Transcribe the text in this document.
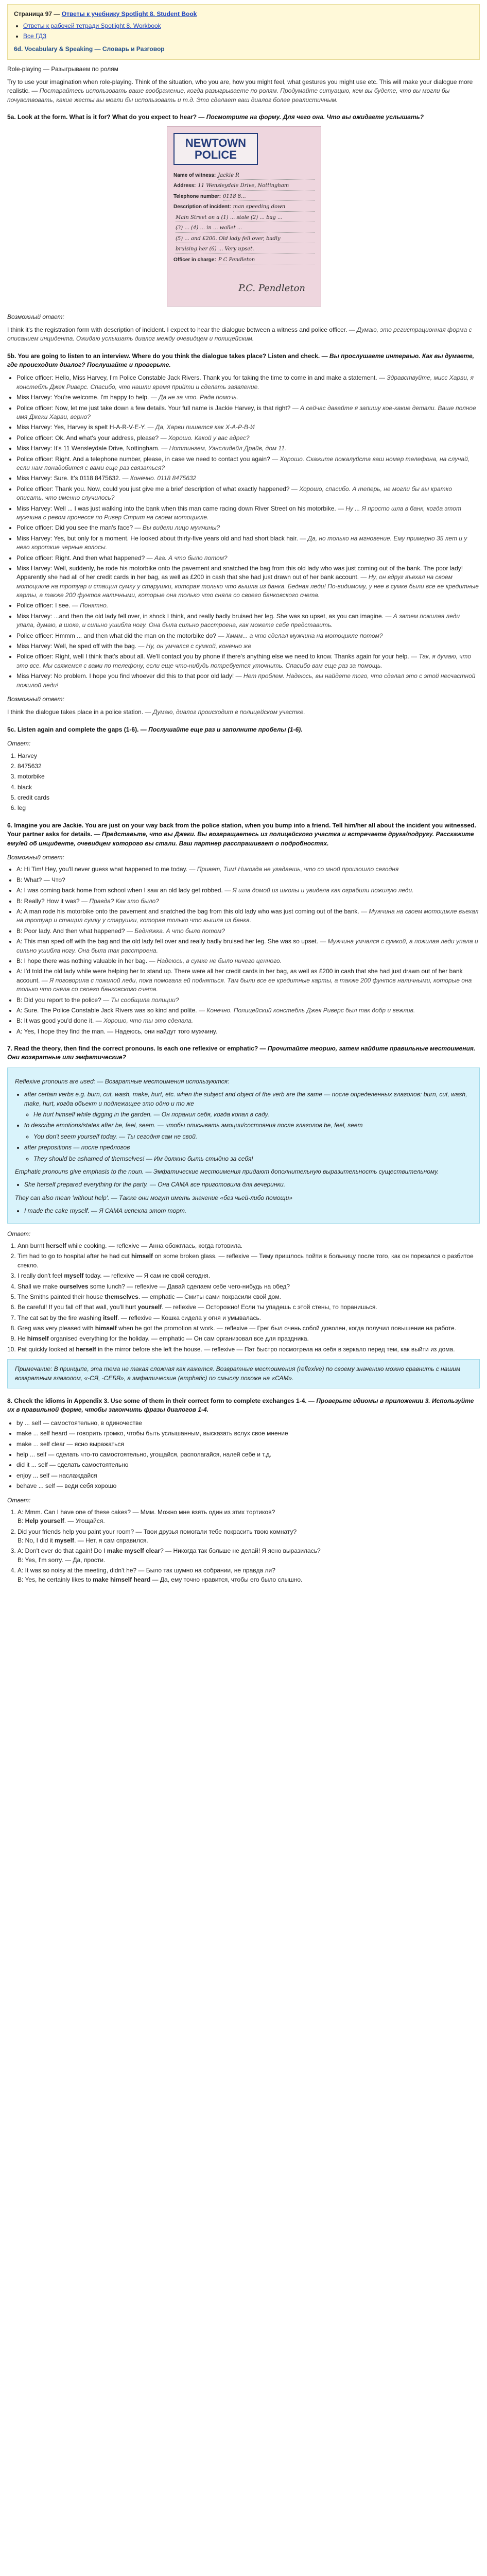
Страница 97 — Ответы к учебнику Spotlight 8. Student Book
• Ответы к рабочей тетради Spotlight 8. Workbook
• Все ГДЗ
6d. Vocabulary & Speaking — Словарь и Разговор

Role-playing — Разыгрываем по ролям

Try to use your imagination when role-playing. Think of the situation, who you are, how you might feel, what gestures you might use etc. This will make your dialogue more realistic. — Постарайтесь использовать ваше воображение, когда разыгрываете по ролям. Продумайте ситуацию, кем вы будете, что вы могли бы почувствовать, какие жесты вы могли бы использовать и т.д. Это сделает ваш диалог более реалистичным.

5a. Look at the form. What is it for? What do you expect to hear? — Посмотрите на форму. Для чего она. Что вы ожидаете услышать?
NEWTOWN
POLICE
Name of witness: Jackie R
Address: 11 Wensleydale Drive, Nottingham
Telephone number: 0118 8...
Description of incident: man speeding down
Main Street on a (1) ... stole (2) ... bag ...
(3) ... (4) ... in ... wallet ...
(5) ... and £200. Old lady fell over, badly
bruising her (6) ... Very upset.
Officer in charge: P C Pendleton
P.C. Pendleton
Возможный ответ:

I think it's the registration form with description of incident. I expect to hear the dialogue between a witness and police officer. — Думаю, это регистрационная форма с описанием инцидента. Ожидаю услышать диалог между очевидцем и полицейским.

5b. You are going to listen to an interview. Where do you think the dialogue takes place? Listen and check. — Вы прослушаете интервью. Как вы думаете, где происходит диалог? Послушайте и проверьте.
• Police officer: Hello, Miss Harvey, I'm Police Constable Jack Rivers. Thank you for taking the time to come in and make a statement. — Здравствуйте, мисс Харви, я констебль Джек Риверс. Спасибо, что нашли время прийти и сделать заявление.
• Miss Harvey: You're welcome. I'm happy to help. — Да не за что. Рада помочь.
• Police officer: Now, let me just take down a few details. Your full name is Jackie Harvey, is that right? — А сейчас давайте я запишу кое-какие детали. Ваше полное имя Джеки Харви, верно?
• Miss Harvey: Yes, Harvey is spelt H-A-R-V-E-Y. — Да, Харви пишется как Х-А-Р-В-И
• Police officer: Ok. And what's your address, please? — Хорошо. Какой у вас адрес?
• Miss Harvey: It's 11 Wensleydale Drive, Nottingham. — Ноттингем, Уэнслидейл Драйв, дом 11.
• Police officer: Right. And a telephone number, please, in case we need to contact you again? — Хорошо. Скажите пожалуйста ваш номер телефона, на случай, если нам понадобится с вами еще раз связаться?
• Miss Harvey: Sure. It's 0118 8475632. — Конечно. 0118 8475632
• Police officer: Thank you. Now, could you just give me a brief description of what exactly happened? — Хорошо, спасибо. А теперь, не могли бы вы кратко описать, что именно случилось?
• Miss Harvey: Well ... I was just walking into the bank when this man came racing down River Street on his motorbike. — Ну ... Я просто шла в банк, когда этот мужчина с ревом пронесся по Ривер Стрит на своем мотоцикле.
• Police officer: Did you see the man's face? — Вы видели лицо мужчины?
• Miss Harvey: Yes, but only for a moment. He looked about thirty-five years old and had short black hair. — Да, но только на мгновение. Ему примерно 35 лет и у него короткие черные волосы.
• Police officer: Right. And then what happened? — Ага. А что было потом?
• Miss Harvey: Well, suddenly, he rode his motorbike onto the pavement and snatched the bag from this old lady who was just coming out of the bank. The poor lady! Apparently she had all of her credit cards in her bag, as well as £200 in cash that she had just drawn out of her bank account. — Ну, он вдруг въехал на своем мотоцикле на тротуар и стащил сумку у старушки, которая только что вышла из банка. Бедная леди! По-видимому, у нее в сумке были все ее кредитные карты, а также 200 фунтов наличными, которые она только что сняла со своего банковского счета.
• Police officer: I see. — Понятно.
• Miss Harvey: ...and then the old lady fell over, in shock I think, and really badly bruised her leg. She was so upset, as you can imagine. — А затем пожилая леди упала, думаю, в шоке, и сильно ушибла ногу. Она была сильно расстроена, как можете себе представить.
• Police officer: Hmmm ... and then what did the man on the motorbike do? — Хммм... а что сделал мужчина на мотоцикле потом?
• Miss Harvey: Well, he sped off with the bag. — Ну, он умчался с сумкой, конечно же
• Police officer: Right, well I think that's about all. We'll contact you by phone if there's anything else we need to know. Thanks again for your help. — Так, я думаю, что это все. Мы свяжемся с вами по телефону, если еще что-нибудь потребуется уточнить. Спасибо вам еще раз за помощь.
• Miss Harvey: No problem. I hope you find whoever did this to that poor old lady! — Нет проблем. Надеюсь, вы найдете того, что сделал это с этой несчастной пожилой леди!
Возможный ответ:

I think the dialogue takes place in a police station. — Думаю, диалог происходит в полицейском участке.

5c. Listen again and complete the gaps (1-6). — Послушайте еще раз и заполните пробелы (1-6).
Ответ:
1. Harvey
2. 8475632
3. motorbike
4. black
5. credit cards
6. leg
6. Imagine you are Jackie. You are just on your way back from the police station, when you bump into a friend. Tell him/her all about the incident you witnessed. Your partner asks for details. — Представьте, что вы Джеки. Вы возвращаетесь из полицейского участка и встречаете друга/подругу. Расскажите ему/ей об инциденте, очевидцем которого вы стали. Ваш партнер расспрашивает о подробностях.
Возможный ответ:
• A: Hi Tim! Hey, you'll never guess what happened to me today. — Привет, Тим! Никогда не угадаешь, что со мной произошло сегодня
• B: What? — Что?
• A: I was coming back home from school when I saw an old lady get robbed. — Я шла домой из школы и увидела как ограбили пожилую леди.
• B: Really? How it was? — Правда? Как это было?
• A: A man rode his motorbike onto the pavement and snatched the bag from this old lady who was just coming out of the bank. — Мужчина на своем мотоцикле въехал на тротуар и стащил сумку у старушки, которая только что вышла из банка.
• B: Poor lady. And then what happened? — Бедняжка. А что было потом?
• A: This man sped off with the bag and the old lady fell over and really badly bruised her leg. She was so upset. — Мужчина умчался с сумкой, а пожилая леди упала и сильно ушибла ногу. Она была так расстроена.
• B: I hope there was nothing valuable in her bag. — Надеюсь, в сумке не было ничего ценного.
• A: I'd told the old lady while were helping her to stand up. There were all her credit cards in her bag, as well as £200 in cash that she had just drawn out of her bank account. — Я поговорила с пожилой леди, пока помогала ей подняться. Там были все ее кредитные карты, а также 200 фунтов наличными, которые она только что сняла со своего банковского счета.
• B: Did you report to the police? — Ты сообщила полиции?
• A: Sure. The Police Constable Jack Rivers was so kind and polite. — Конечно. Полицейский констебль Джек Риверс был так добр и вежлив.
• B: It was good you'd done it. — Хорошо, что ты это сделала.
• A: Yes, I hope they find the man. — Надеюсь, они найдут того мужчину.
7. Read the theory, then find the correct pronouns. Is each one reflexive or emphatic? — Прочитайте теорию, затем найдите правильные местоимения. Они возвратные или эмфатические?

Reflexive pronouns are used: — Возвратные местоимения используются:

• after certain verbs e.g. burn, cut, wash, make, hurt, etc. when the subject and object of the verb are the same — после определенных глаголов: burn, cut, wash, make, hurt, когда объект и подлежащее это одно и то же
◦ He hurt himself while digging in the garden. — Он поранил себя, когда копал в саду.
• to describe emotions/states after be, feel, seem. — чтобы описывать эмоции/состояния после глаголов be, feel, seem
◦ You don't seem yourself today. — Ты сегодня сам не свой.
• after prepositions — после предлогов
◦ They should be ashamed of themselves! — Им должно быть стыдно за себя!

Emphatic pronouns give emphasis to the noun. — Эмфатические местоимения придают дополнительную выразительность существительному.

• She herself prepared everything for the party. — Она САМА все приготовила для вечеринки.

They can also mean 'without help'. — Также они могут иметь значение «без чьей-либо помощи»

• I made the cake myself. — Я САМА испекла этот торт.
Ответ:
1. Ann burnt herself while cooking. — reflexive — Анна обожглась, когда готовила.
2. Tim had to go to hospital after he had cut himself on some broken glass. — reflexive — Тиму пришлось пойти в больницу после того, как он порезался о разбитое стекло.
3. I really don't feel myself today. — reflexive — Я сам не свой сегодня.
4. Shall we make ourselves some lunch? — reflexive — Давай сделаем себе чего-нибудь на обед?
5. The Smiths painted their house themselves. — emphatic — Смиты сами покрасили свой дом.
6. Be careful! If you fall off that wall, you'll hurt yourself. — reflexive — Осторожно! Если ты упадешь с этой стены, то поранишься.
7. The cat sat by the fire washing itself. — reflexive — Кошка сидела у огня и умывалась.
8. Greg was very pleased with himself when he got the promotion at work. — reflexive — Грег был очень собой доволен, когда получил повышение на работе.
9. He himself organised everything for the holiday. — emphatic — Он сам организовал все для праздника.
10. Pat quickly looked at herself in the mirror before she left the house. — reflexive — Пэт быстро посмотрела на себя в зеркало перед тем, как выйти из дома.
Примечание: В принципе, эта тема не такая сложная как кажется. Возвратные местоимения (reflexive) по своему значению можно сравнить с нашим возвратным глаголом, «-СЯ, -СЕБЯ», а эмфатические (emphatic) по смыслу похоже на «САМ».
8. Check the idioms in Appendix 3. Use some of them in their correct form to complete exchanges 1-4. — Проверьте идиомы в приложении 3. Используйте их в правильной форме, чтобы закончить фразы диалогов 1-4.
• by ... self — самостоятельно, в одиночестве
• make ... self heard — говорить громко, чтобы быть услышанным, высказать вслух свое мнение
• make ... self clear — ясно выражаться
• help ... self — сделать что-то самостоятельно, угощайся, располагайся, налей себе и т.д.
• did it ... self — сделать самостоятельно
• enjoy ... self — наслаждайся
• behave ... self — веди себя хорошо
Ответ:
1. A: Mmm. Can I have one of these cakes? — Ммм. Можно мне взять один из этих тортиков?
B: Help yourself. — Угощайся.
2. Did your friends help you paint your room? — Твои друзья помогали тебе покрасить твою комнату?
B: No, I did it myself. — Нет, я сам справился.
3. A: Don't ever do that again! Do I make myself clear? — Никогда так больше не делай! Я ясно выразилась?
B: Yes, I'm sorry. — Да, прости.
4. A: It was so noisy at the meeting, didn't he? — Было так шумно на собрании, не правда ли?
B: Yes, he certainly likes to make himself heard — Да, ему точно нравится, чтобы его было слышно.
